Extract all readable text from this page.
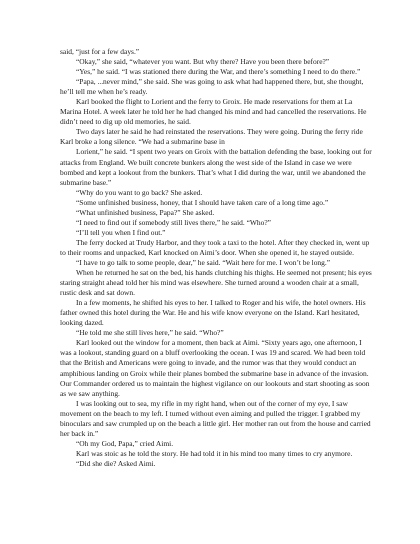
said, “just for a few days.”

“Okay,” she said, “whatever you want. But why there? Have you been there before?”

“Yes,” he said. “I was stationed there during the War, and there’s something I need to do there.”

“Papa, ...never mind,” she said. She was going to ask what had happened there, but, she thought, he’ll tell me when he’s ready.

Karl booked the flight to Lorient and the ferry to Groix. He made reservations for them at La Marina Hotel. A week later he told her he had changed his mind and had cancelled the reservations. He didn’t need to dig up old memories, he said.

Two days later he said he had reinstated the reservations. They were going. During the ferry ride Karl broke a long silence. “We had a submarine base in

Lorient,” he said. “I spent two years on Groix with the battalion defending the base, looking out for attacks from England. We built concrete bunkers along the west side of the Island in case we were bombed and kept a lookout from the bunkers. That’s what I did during the war, until we abandoned the submarine base.”

“Why do you want to go back? She asked.

“Some unfinished business, honey, that I should have taken care of a long time ago.”

“What unfinished business, Papa?” She asked.

“I need to find out if somebody still lives there,” he said. “Who?”

“I’ll tell you when I find out.”

The ferry docked at Trudy Harbor, and they took a taxi to the hotel. After they checked in, went up to their rooms and unpacked, Karl knocked on Aimi’s door. When she opened it, he stayed outside.

“I have to go talk to some people, dear,” he said. “Wait here for me. I won’t be long.”

When he returned he sat on the bed, his hands clutching his thighs. He seemed not present; his eyes staring straight ahead told her his mind was elsewhere. She turned around a wooden chair at a small, rustic desk and sat down.

In a few moments, he shifted his eyes to her. I talked to Roger and his wife, the hotel owners. His father owned this hotel during the War. He and his wife know everyone on the Island. Karl hesitated, looking dazed.

“He told me she still lives here,” he said. “Who?”

Karl looked out the window for a moment, then back at Aimi. “Sixty years ago, one afternoon, I was a lookout, standing guard on a bluff overlooking the ocean. I was 19 and scared. We had been told that the British and Americans were going to invade, and the rumor was that they would conduct an amphibious landing on Groix while their planes bombed the submarine base in advance of the invasion. Our Commander ordered us to maintain the highest vigilance on our lookouts and start shooting as soon as we saw anything.

I was looking out to sea, my rifle in my right hand, when out of the corner of my eye, I saw movement on the beach to my left. I turned without even aiming and pulled the trigger. I grabbed my binoculars and saw crumpled up on the beach a little girl. Her mother ran out from the house and carried her back in.”

“Oh my God, Papa,” cried Aimi.

Karl was stoic as he told the story. He had told it in his mind too many times to cry anymore.

“Did she die? Asked Aimi.
